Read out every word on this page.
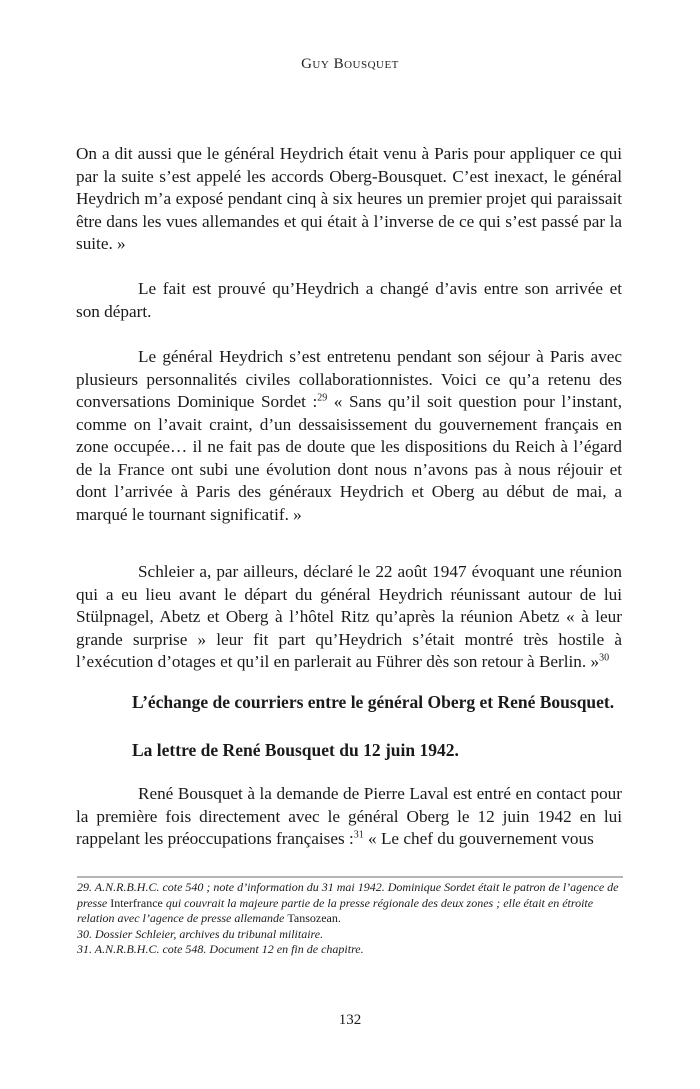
Guy Bousquet

On a dit aussi que le général Heydrich était venu à Paris pour appliquer ce qui par la suite s’est appelé les accords Oberg-Bousquet. C’est inexact, le général Heydrich m’a exposé pendant cinq à six heures un premier projet qui paraissait être dans les vues allemandes et qui était à l’inverse de ce qui s’est passé par la suite. »

Le fait est prouvé qu’Heydrich a changé d’avis entre son arrivée et son départ.

Le général Heydrich s’est entretenu pendant son séjour à Paris avec plusieurs personnalités civiles collaborationnistes. Voici ce qu’a retenu des conversations Dominique Sordet :$^{29}$ « Sans qu’il soit question pour l’instant, comme on l’avait craint, d’un dessaisissement du gouvernement français en zone occupée… il ne fait pas de doute que les dispositions du Reich à l’égard de la France ont subi une évolution dont nous n’avons pas à nous réjouir et dont l’arrivée à Paris des généraux Heydrich et Oberg au début de mai, a marqué le tournant significatif. »

Schleier a, par ailleurs, déclaré le 22 août 1947 évoquant une réunion qui a eu lieu avant le départ du général Heydrich réunissant autour de lui Stülpnagel, Abetz et Oberg à l’hôtel Ritz qu’après la réunion Abetz « à leur grande surprise » leur fit part qu’Heydrich s’était montré très hostile à l’exécution d’otages et qu’il en parlerait au Führer dès son retour à Berlin. »$^{30}$

L’échange de courriers entre le général Oberg et René Bousquet.
La lettre de René Bousquet du 12 juin 1942.

René Bousquet à la demande de Pierre Laval est entré en contact pour la première fois directement avec le général Oberg le 12 juin 1942 en lui rappelant les préoccupations françaises :$^{31}$ « Le chef du gouvernement vous

29. A.N.R.B.H.C. cote 540 ; note d’information du 31 mai 1942. Dominique Sordet était le patron de l’agence de presse Interfrance qui couvrait la majeure partie de la presse régionale des deux zones ; elle était en étroite relation avec l’agence de presse allemande Tansozean.

30. Dossier Schleier, archives du tribunal militaire.

31. A.N.R.B.H.C. cote 548. Document 12 en fin de chapitre.

132
